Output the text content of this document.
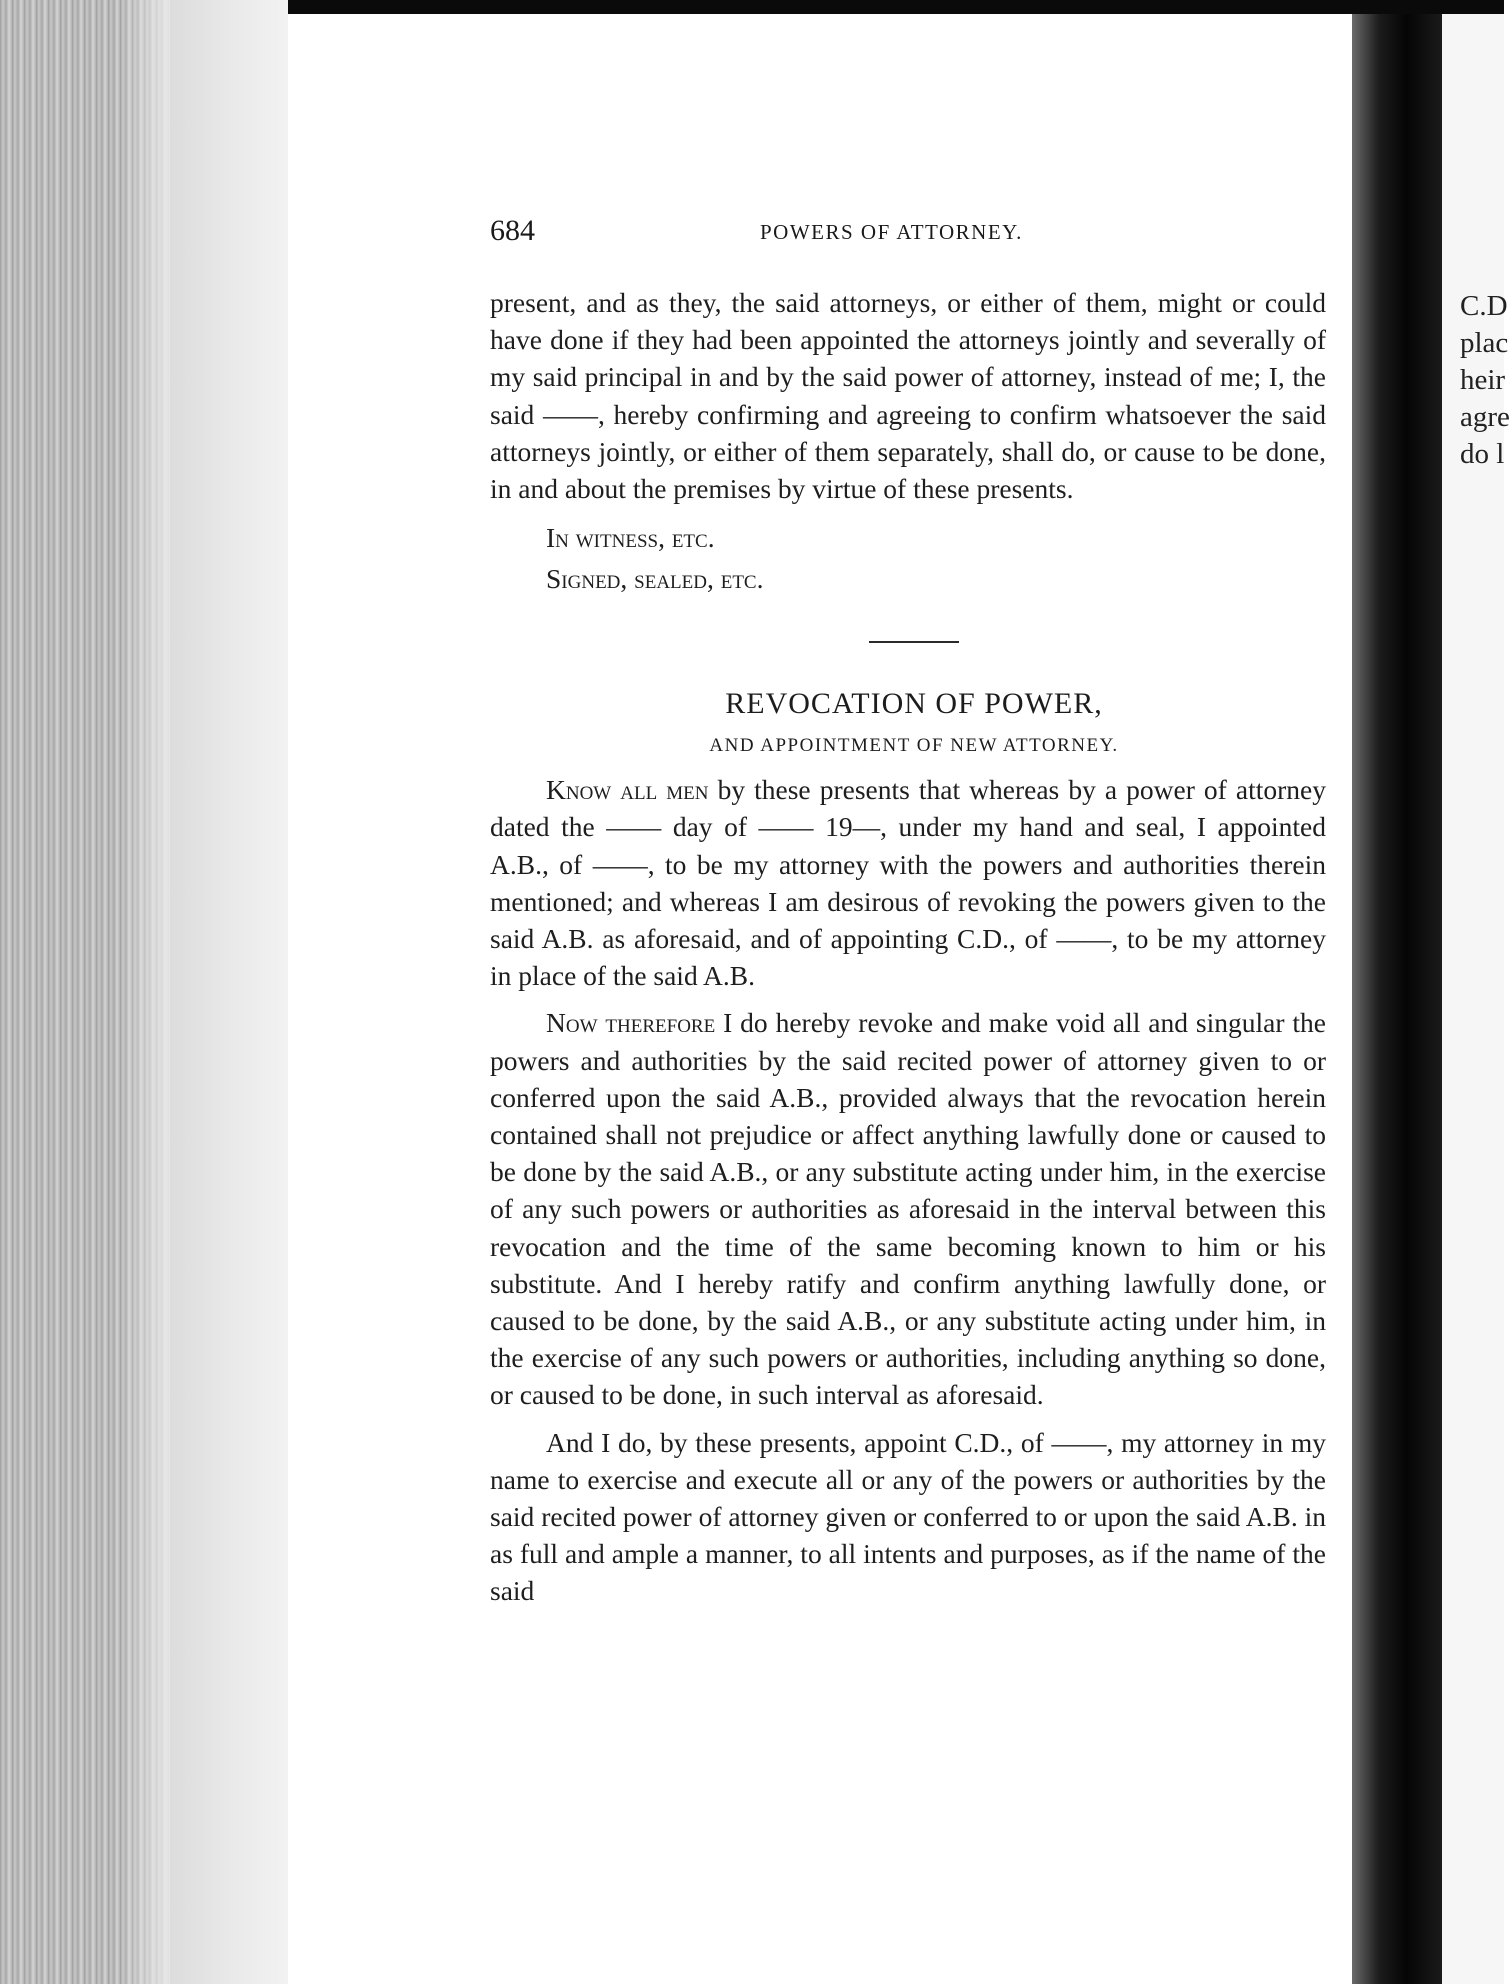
684	POWERS OF ATTORNEY.

present, and as they, the said attorneys, or either of them, might or could have done if they had been appointed the attorneys jointly and severally of my said principal in and by the said power of attorney, instead of me; I, the said ——, hereby confirming and agreeing to confirm whatsoever the said attorneys jointly, or either of them separately, shall do, or cause to be done, in and about the premises by virtue of these presents.

In witness, etc.
Signed, sealed, etc.
REVOCATION OF POWER,
AND APPOINTMENT OF NEW ATTORNEY.

Know all men by these presents that whereas by a power of attorney dated the —— day of —— 19—, under my hand and seal, I appointed A.B., of ——, to be my attorney with the powers and authorities therein mentioned; and whereas I am desirous of revoking the powers given to the said A.B. as aforesaid, and of appointing C.D., of ——, to be my attorney in place of the said A.B.

Now therefore I do hereby revoke and make void all and singular the powers and authorities by the said recited power of attorney given to or conferred upon the said A.B., provided always that the revocation herein contained shall not prejudice or affect anything lawfully done or caused to be done by the said A.B., or any substitute acting under him, in the exercise of any such powers or authorities as aforesaid in the interval between this revocation and the time of the same becoming known to him or his substitute. And I hereby ratify and confirm anything lawfully done, or caused to be done, by the said A.B., or any substitute acting under him, in the exercise of any such powers or authorities, including anything so done, or caused to be done, in such interval as aforesaid.

And I do, by these presents, appoint C.D., of ——, my attorney in my name to exercise and execute all or any of the powers or authorities by the said recited power of attorney given or conferred to or upon the said A.B. in as full and ample a manner, to all intents and purposes, as if the name of the said

C.D
plac
heir
agre
do l
